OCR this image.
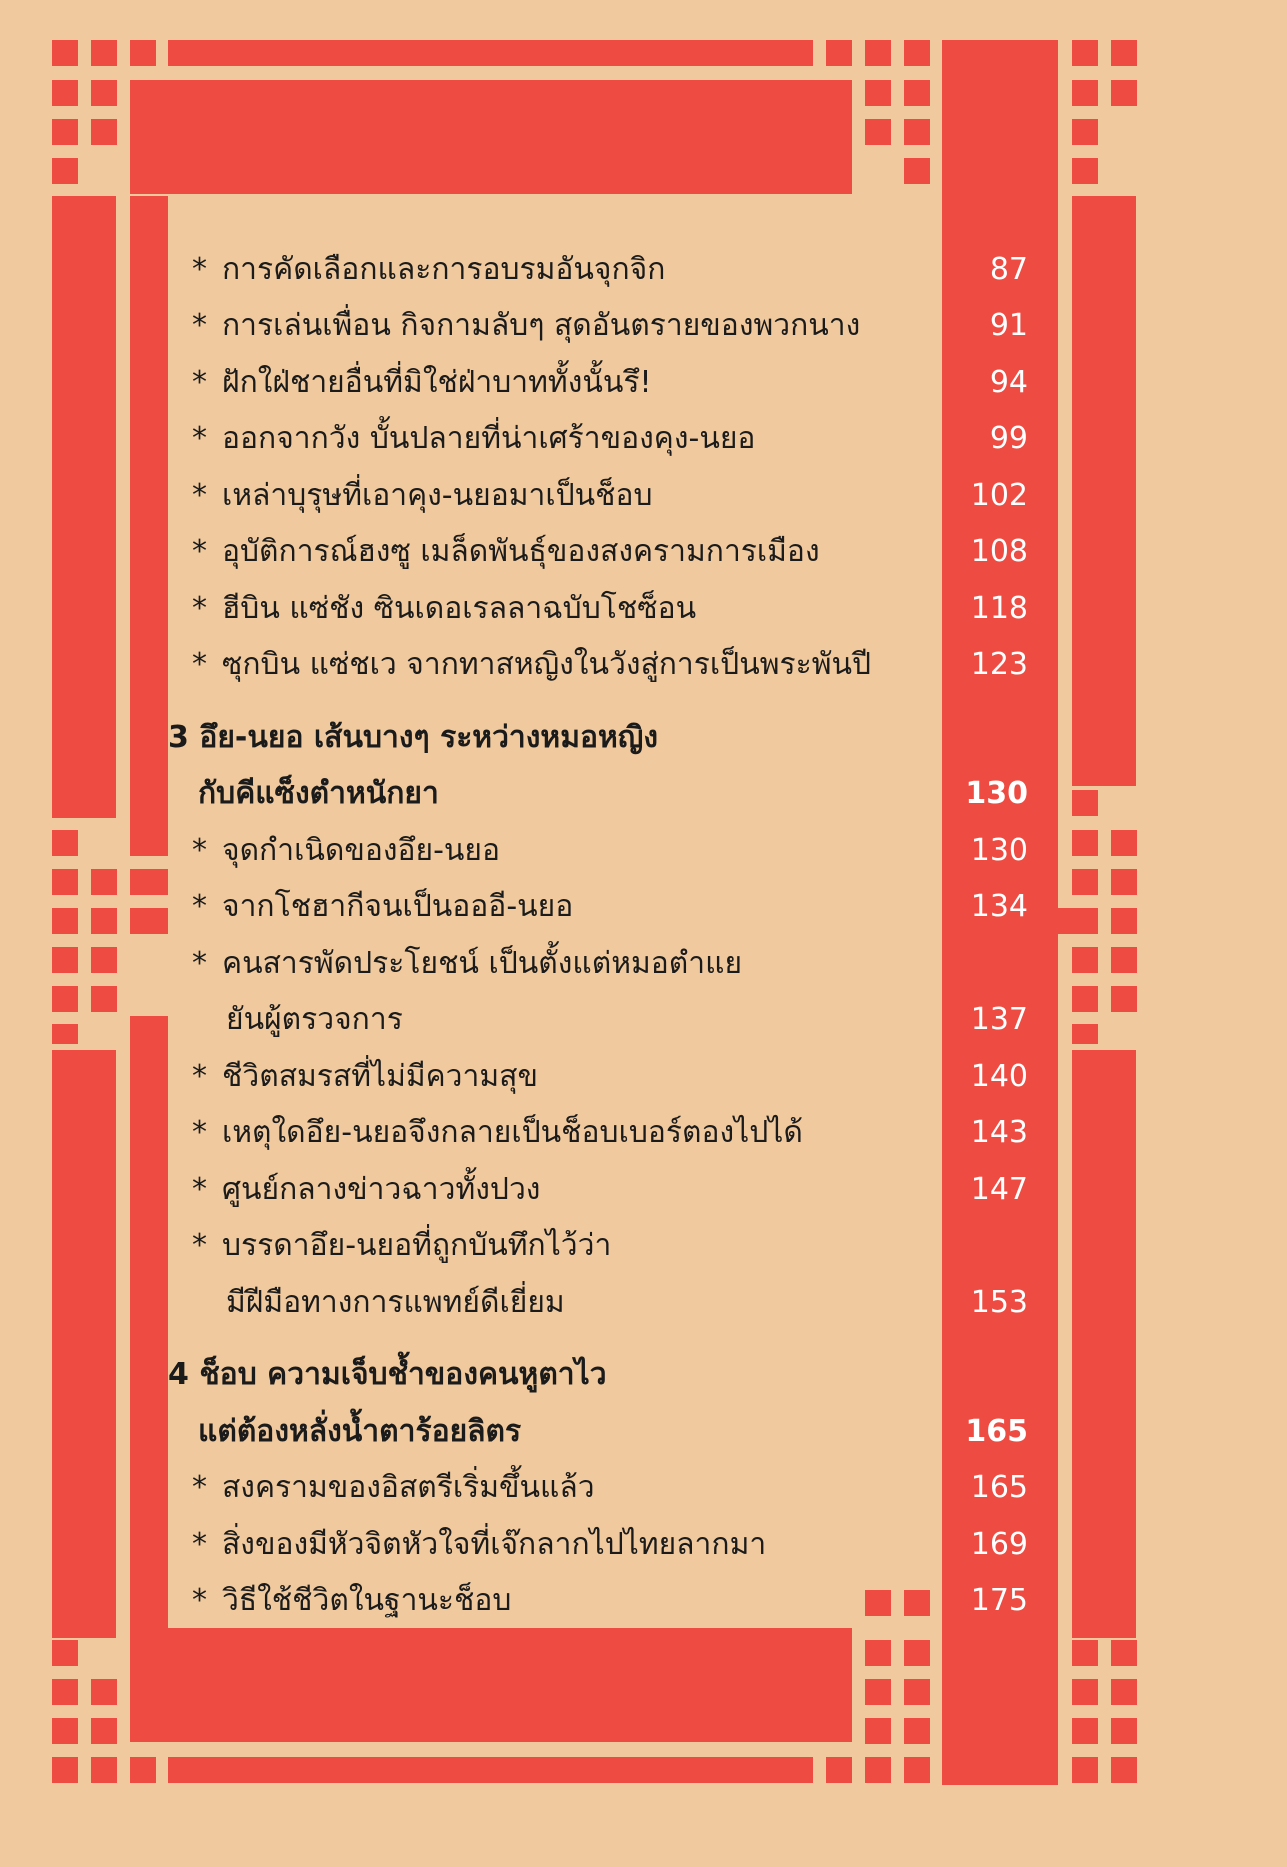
* การคัดเลือกและการอบรมอันจุกจิก	87
* การเล่นเพื่อน กิจกามลับๆ สุดอันตรายของพวกนาง	91
* ฝักใฝ่ชายอื่นที่มิใช่ฝ่าบาททั้งนั้นรึ!	94
* ออกจากวัง บั้นปลายที่น่าเศร้าของคุง-นยอ	99
* เหล่าบุรุษที่เอาคุง-นยอมาเป็นช็อบ	102
* อุบัติการณ์ฮงซู เมล็ดพันธุ์ของสงครามการเมือง	108
* ฮีบิน แซ่ชัง ซินเดอเรลลาฉบับโชซ็อน	118
* ซุกบิน แซ่ชเว จากทาสหญิงในวังสู่การเป็นพระพันปี	123
3 อึย-นยอ เส้นบางๆ ระหว่างหมอหญิง
กับคีแซ็งตำหนักยา	130
* จุดกำเนิดของอึย-นยอ	130
* จากโชฮากีจนเป็นอออี-นยอ	134
* คนสารพัดประโยชน์ เป็นตั้งแต่หมอตำแย
ยันผู้ตรวจการ	137
* ชีวิตสมรสที่ไม่มีความสุข	140
* เหตุใดอึย-นยอจึงกลายเป็นช็อบเบอร์ตองไปได้	143
* ศูนย์กลางข่าวฉาวทั้งปวง	147
* บรรดาอึย-นยอที่ถูกบันทึกไว้ว่า
มีฝีมือทางการแพทย์ดีเยี่ยม	153
4 ช็อบ ความเจ็บช้ำของคนหูตาไว
แต่ต้องหลั่งน้ำตาร้อยลิตร	165
* สงครามของอิสตรีเริ่มขึ้นแล้ว	165
* สิ่งของมีหัวจิตหัวใจที่เจ๊กลากไปไทยลากมา	169
* วิธีใช้ชีวิตในฐานะช็อบ	175
